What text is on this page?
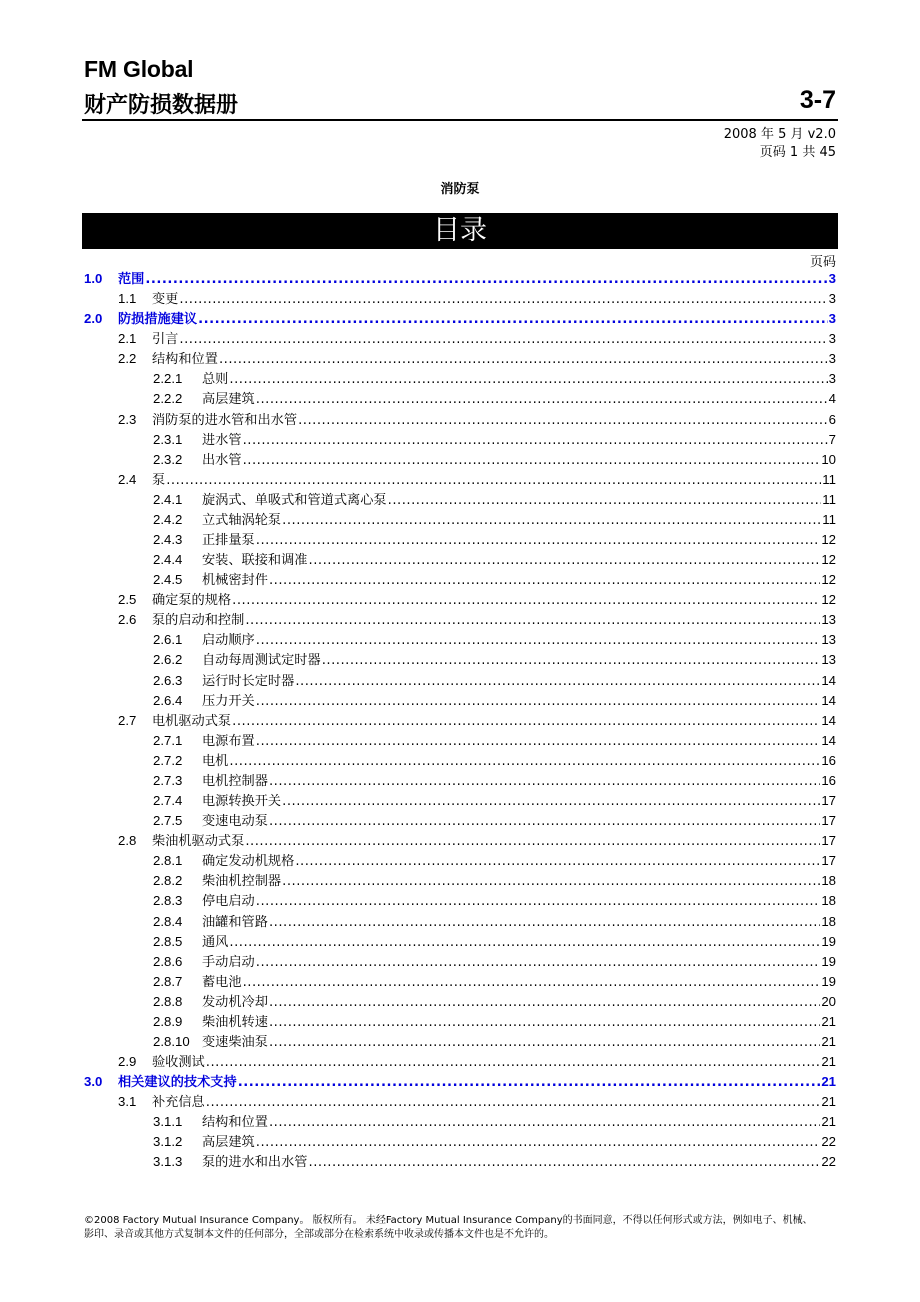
FM Global
财产防损数据册	3-7
2008 年 5 月 v2.0
页码 1 共 45
消防泵
目录
页码
1.0	范围 .....	3
1.1	变更 .....	3
2.0	防损措施建议 .....	3
2.1	引言 .....	3
2.2	结构和位置 .....	3
2.2.1	总则 .....	3
2.2.2	高层建筑 .....	4
2.3	消防泵的进水管和出水管 .....	6
2.3.1	进水管 .....	7
2.3.2	出水管 .....	10
2.4	泵 .....	11
2.4.1	旋涡式、单吸式和管道式离心泵 .....	11
2.4.2	立式轴涡轮泵 .....	11
2.4.3	正排量泵 .....	12
2.4.4	安装、联接和调准 .....	12
2.4.5	机械密封件 .....	12
2.5	确定泵的规格 .....	12
2.6	泵的启动和控制 .....	13
2.6.1	启动顺序 .....	13
2.6.2	自动每周测试定时器 .....	13
2.6.3	运行时长定时器 .....	14
2.6.4	压力开关 .....	14
2.7	电机驱动式泵 .....	14
2.7.1	电源布置 .....	14
2.7.2	电机 .....	16
2.7.3	电机控制器 .....	16
2.7.4	电源转换开关 .....	17
2.7.5	变速电动泵 .....	17
2.8	柴油机驱动式泵 .....	17
2.8.1	确定发动机规格 .....	17
2.8.2	柴油机控制器 .....	18
2.8.3	停电启动 .....	18
2.8.4	油罐和管路 .....	18
2.8.5	通风 .....	19
2.8.6	手动启动 .....	19
2.8.7	蓄电池 .....	19
2.8.8	发动机冷却 .....	20
2.8.9	柴油机转速 .....	21
2.8.10 变速柴油泵 .....	21
2.9	验收测试 .....	21
3.0	相关建议的技术支持 .....	21
3.1	补充信息 .....	21
3.1.1	结构和位置 .....	21
3.1.2	高层建筑 .....	22
3.1.3	泵的进水和出水管 .....	22
©2008 Factory Mutual Insurance Company。 版权所有。 未经Factory Mutual Insurance Company的书面同意，不得以任何形式或方法，例如电子、机械、
影印、录音或其他方式复制本文件的任何部分，全部或部分在检索系统中收录或传播本文件也是不允许的。
